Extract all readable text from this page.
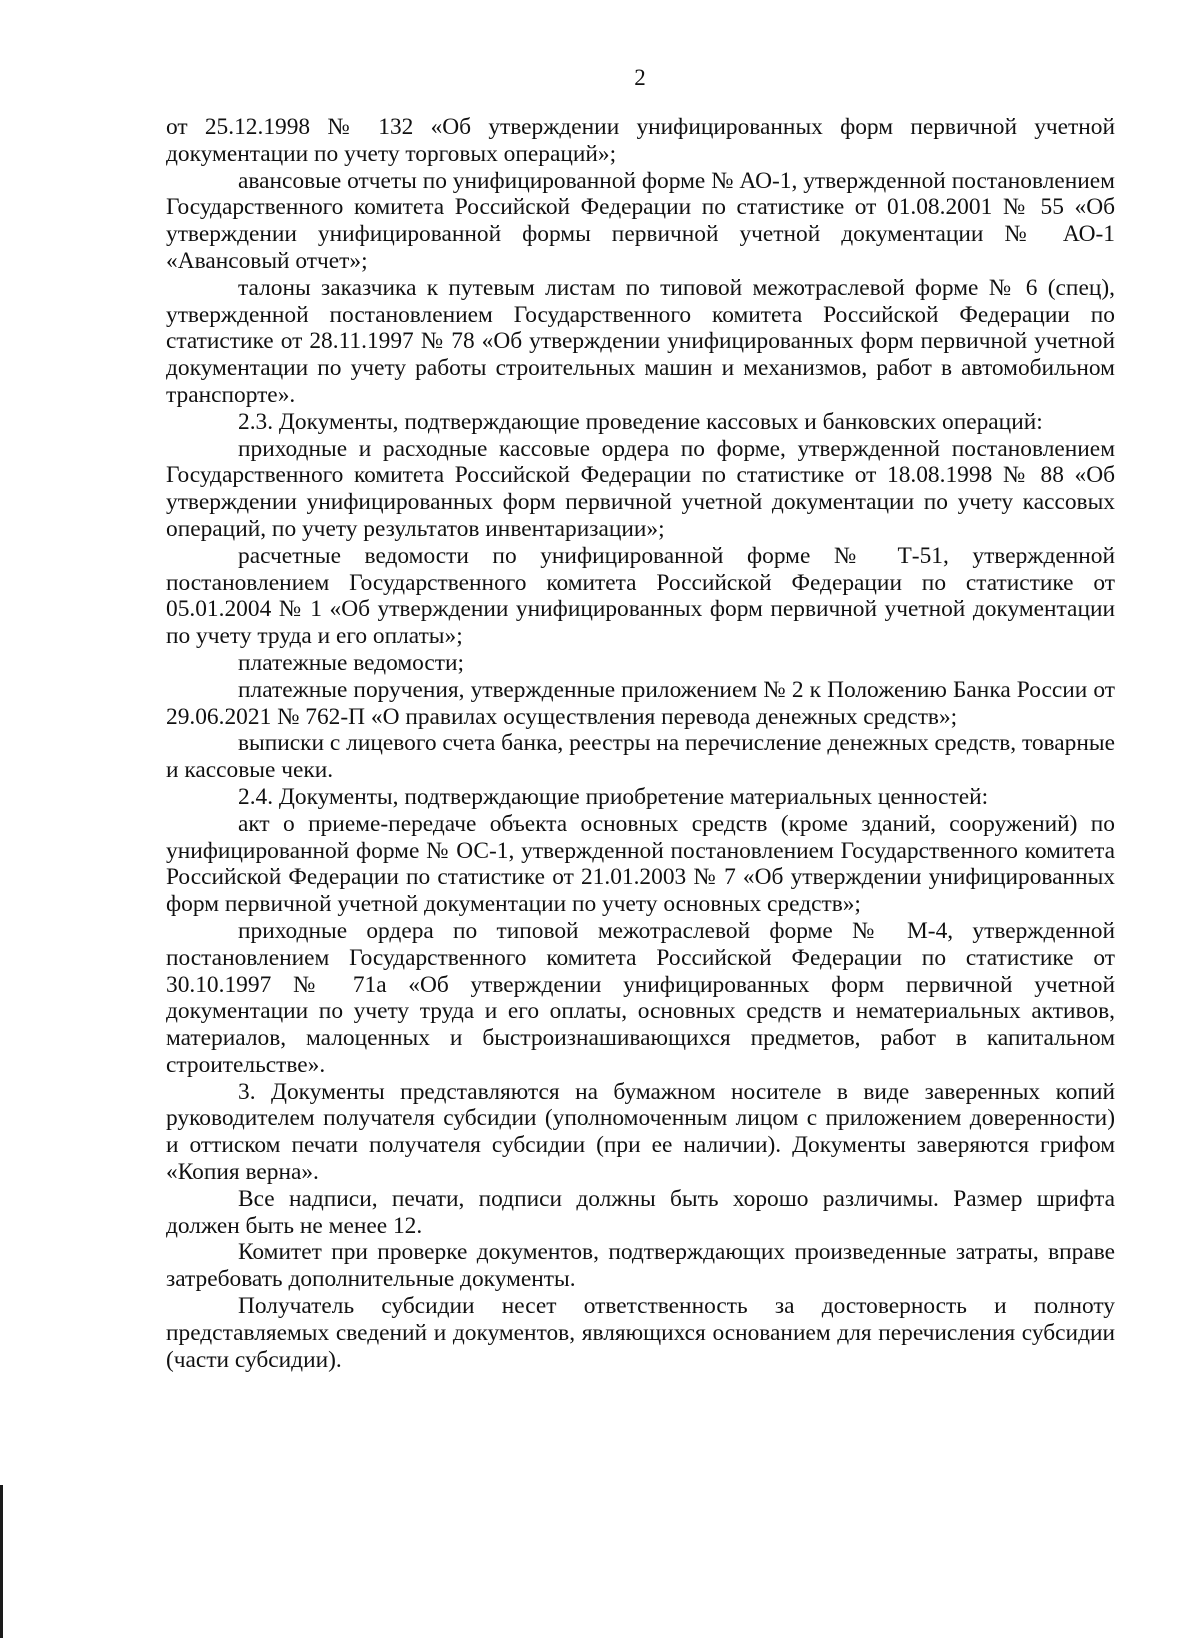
2

от 25.12.1998 № 132 «Об утверждении унифицированных форм первичной учетной документации по учету торговых операций»;

авансовые отчеты по унифицированной форме № АО-1, утвержденной постановлением Государственного комитета Российской Федерации по статистике от 01.08.2001 № 55 «Об утверждении унифицированной формы первичной учетной документации № АО-1 «Авансовый отчет»;

талоны заказчика к путевым листам по типовой межотраслевой форме № 6 (спец), утвержденной постановлением Государственного комитета Российской Федерации по статистике от 28.11.1997 № 78 «Об утверждении унифицированных форм первичной учетной документации по учету работы строительных машин и механизмов, работ в автомобильном транспорте».

2.3. Документы, подтверждающие проведение кассовых и банковских операций:

приходные и расходные кассовые ордера по форме, утвержденной постановлением Государственного комитета Российской Федерации по статистике от 18.08.1998 № 88 «Об утверждении унифицированных форм первичной учетной документации по учету кассовых операций, по учету результатов инвентаризации»;

расчетные ведомости по унифицированной форме № Т-51, утвержденной постановлением Государственного комитета Российской Федерации по статистике от 05.01.2004 № 1 «Об утверждении унифицированных форм первичной учетной документации по учету труда и его оплаты»;

платежные ведомости;

платежные поручения, утвержденные приложением № 2 к Положению Банка России от 29.06.2021 № 762-П «О правилах осуществления перевода денежных средств»;

выписки с лицевого счета банка, реестры на перечисление денежных средств, товарные и кассовые чеки.

2.4. Документы, подтверждающие приобретение материальных ценностей:

акт о приеме-передаче объекта основных средств (кроме зданий, сооружений) по унифицированной форме № ОС-1, утвержденной постановлением Государственного комитета Российской Федерации по статистике от 21.01.2003 № 7 «Об утверждении унифицированных форм первичной учетной документации по учету основных средств»;

приходные ордера по типовой межотраслевой форме № М-4, утвержденной постановлением Государственного комитета Российской Федерации по статистике от 30.10.1997 № 71а «Об утверждении унифицированных форм первичной учетной документации по учету труда и его оплаты, основных средств и нематериальных активов, материалов, малоценных и быстроизнашивающихся предметов, работ в капитальном строительстве».

3. Документы представляются на бумажном носителе в виде заверенных копий руководителем получателя субсидии (уполномоченным лицом с приложением доверенности) и оттиском печати получателя субсидии (при ее наличии). Документы заверяются грифом «Копия верна».

Все надписи, печати, подписи должны быть хорошо различимы. Размер шрифта должен быть не менее 12.

Комитет при проверке документов, подтверждающих произведенные затраты, вправе затребовать дополнительные документы.

Получатель субсидии несет ответственность за достоверность и полноту представляемых сведений и документов, являющихся основанием для перечисления субсидии (части субсидии).
